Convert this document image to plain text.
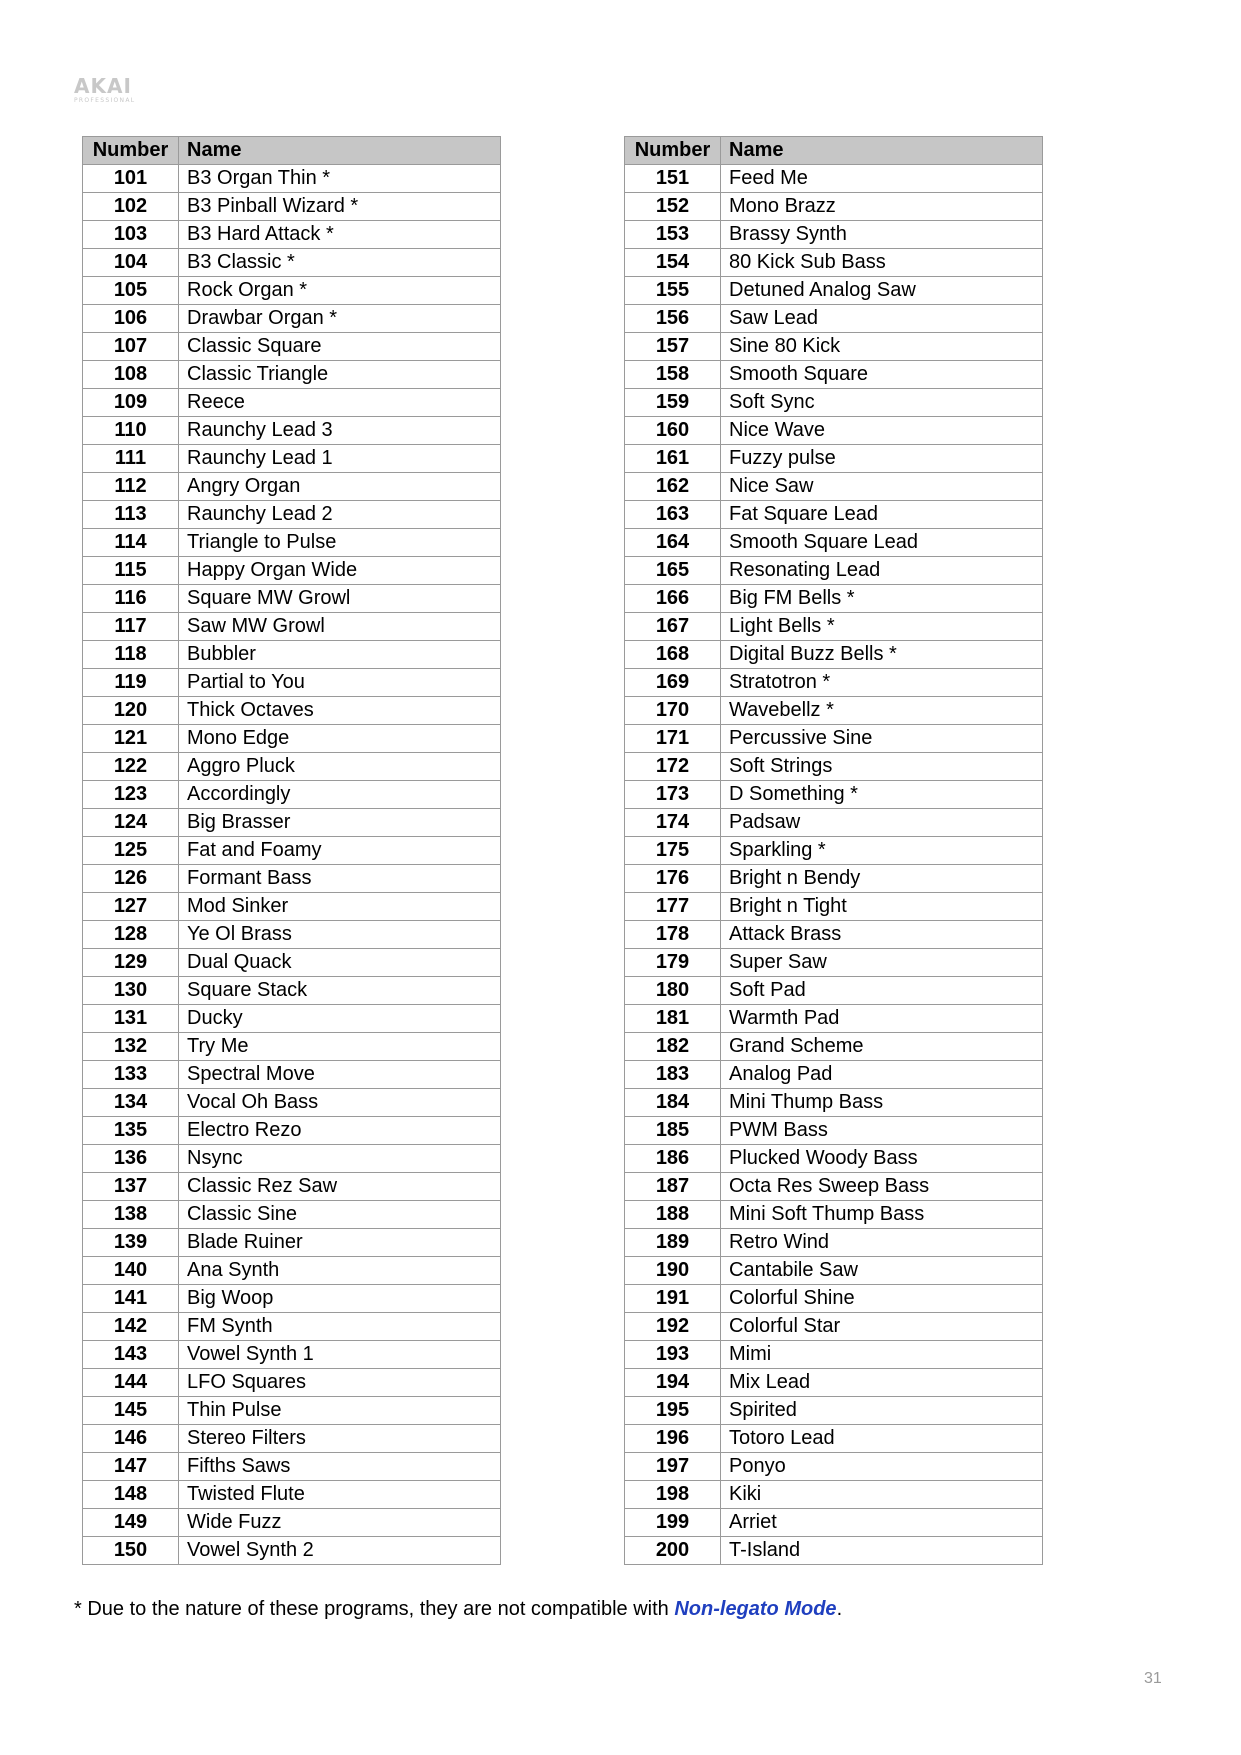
AKAI
PROFESSIONAL
Number	Name
101	B3 Organ Thin *
102	B3 Pinball Wizard *
103	B3 Hard Attack *
104	B3 Classic *
105	Rock Organ *
106	Drawbar Organ *
107	Classic Square
108	Classic Triangle
109	Reece
110	Raunchy Lead 3
111	Raunchy Lead 1
112	Angry Organ
113	Raunchy Lead 2
114	Triangle to Pulse
115	Happy Organ Wide
116	Square MW Growl
117	Saw MW Growl
118	Bubbler
119	Partial to You
120	Thick Octaves
121	Mono Edge
122	Aggro Pluck
123	Accordingly
124	Big Brasser
125	Fat and Foamy
126	Formant Bass
127	Mod Sinker
128	Ye Ol Brass
129	Dual Quack
130	Square Stack
131	Ducky
132	Try Me
133	Spectral Move
134	Vocal Oh Bass
135	Electro Rezo
136	Nsync
137	Classic Rez Saw
138	Classic Sine
139	Blade Ruiner
140	Ana Synth
141	Big Woop
142	FM Synth
143	Vowel Synth 1
144	LFO Squares
145	Thin Pulse
146	Stereo Filters
147	Fifths Saws
148	Twisted Flute
149	Wide Fuzz
150	Vowel Synth 2
Number	Name
151	Feed Me
152	Mono Brazz
153	Brassy Synth
154	80 Kick Sub Bass
155	Detuned Analog Saw
156	Saw Lead
157	Sine 80 Kick
158	Smooth Square
159	Soft Sync
160	Nice Wave
161	Fuzzy pulse
162	Nice Saw
163	Fat Square Lead
164	Smooth Square Lead
165	Resonating Lead
166	Big FM Bells *
167	Light Bells *
168	Digital Buzz Bells *
169	Stratotron *
170	Wavebellz *
171	Percussive Sine
172	Soft Strings
173	D Something *
174	Padsaw
175	Sparkling *
176	Bright n Bendy
177	Bright n Tight
178	Attack Brass
179	Super Saw
180	Soft Pad
181	Warmth Pad
182	Grand Scheme
183	Analog Pad
184	Mini Thump Bass
185	PWM Bass
186	Plucked Woody Bass
187	Octa Res Sweep Bass
188	Mini Soft Thump Bass
189	Retro Wind
190	Cantabile Saw
191	Colorful Shine
192	Colorful Star
193	Mimi
194	Mix Lead
195	Spirited
196	Totoro Lead
197	Ponyo
198	Kiki
199	Arriet
200	T-Island
* Due to the nature of these programs, they are not compatible with Non-legato Mode.
31
